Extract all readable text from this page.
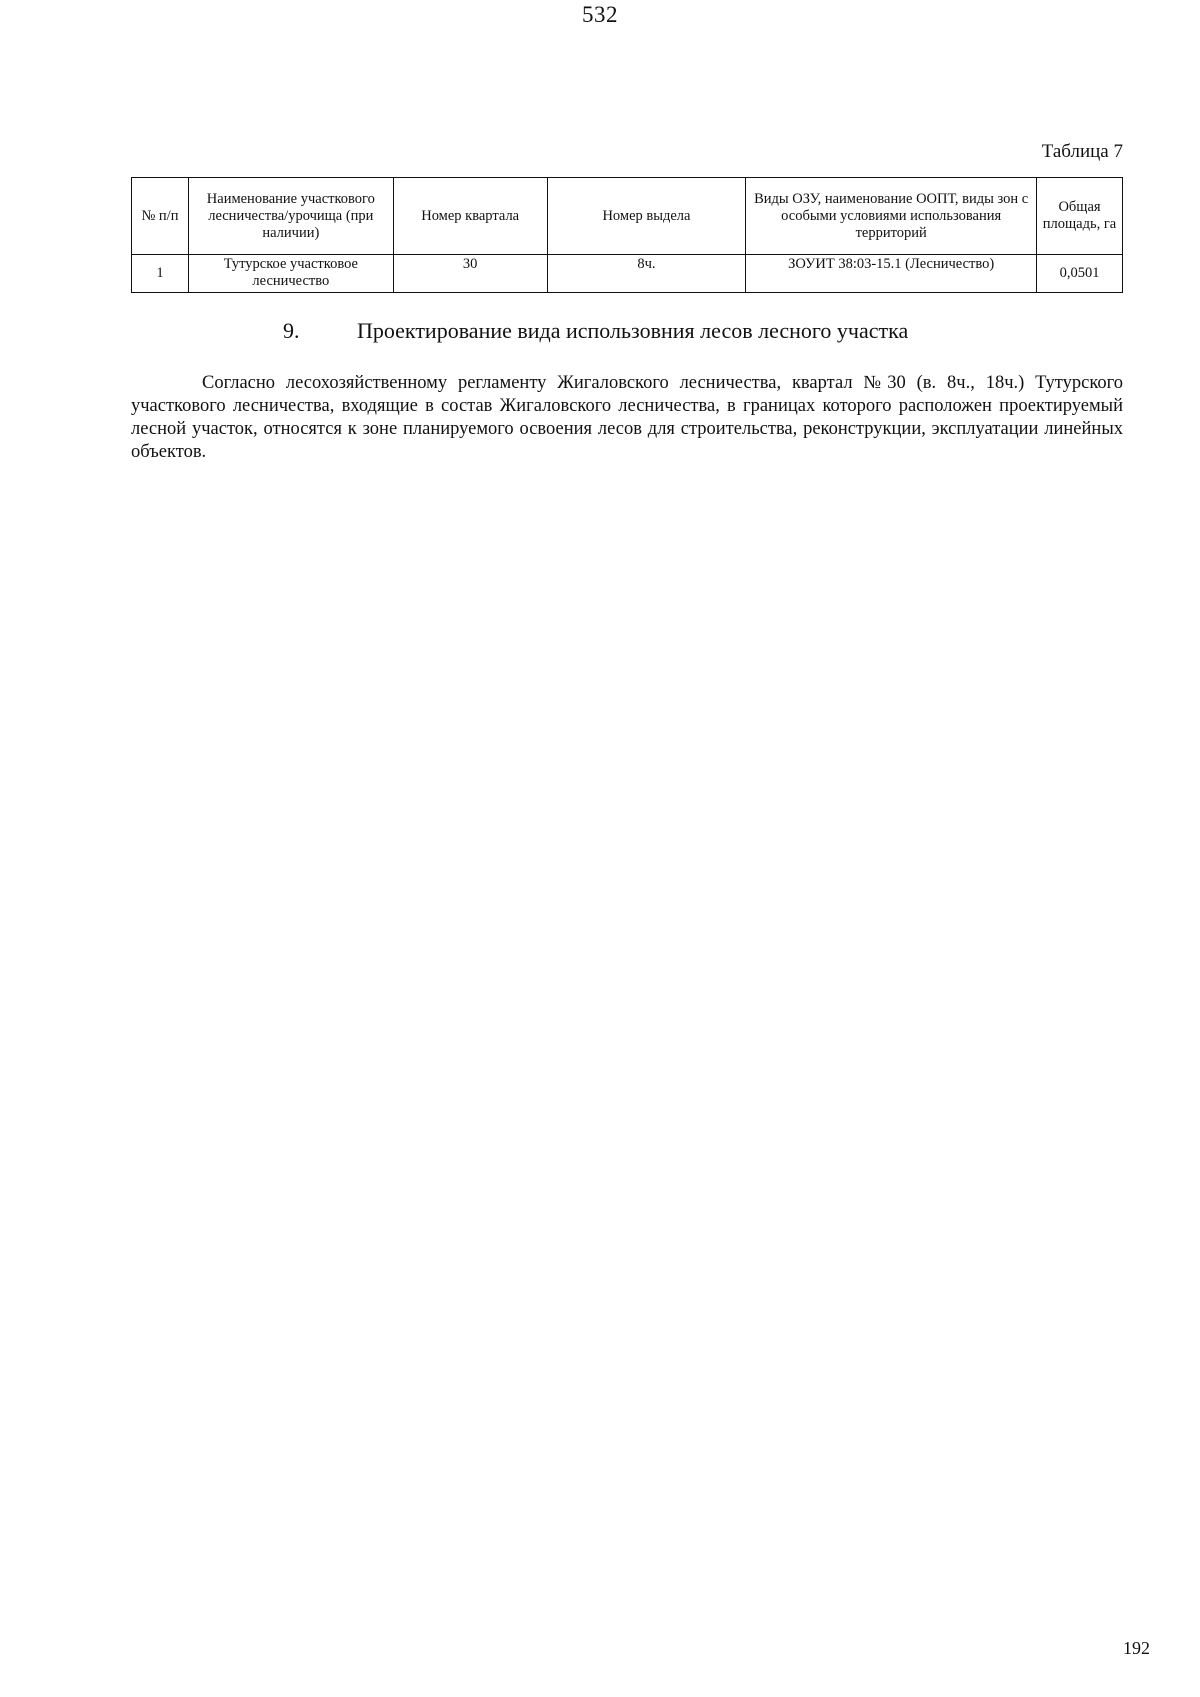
532
Таблица 7
№ п/п	Наименование участкового лесничества/урочища (при наличии)	Номер квартала	Номер выдела	Виды ОЗУ, наименование ООПТ, виды зон с особыми условиями использования территорий	Общая площадь, га
1	Тутурское участковое лесничество	30	8ч.	ЗОУИТ 38:03-15.1 (Лесничество)	0,0501
9.	Проектирование вида использовния лесов лесного участка

Согласно лесохозяйственному регламенту Жигаловского лесничества, квартал №30 (в. 8ч., 18ч.) Тутурского участкового лесничества, входящие в состав Жигаловского лесничества, в границах которого расположен проектируемый лесной участок, относятся к зоне планируемого освоения лесов для строительства, реконструкции, эксплуатации линейных объектов.

192
